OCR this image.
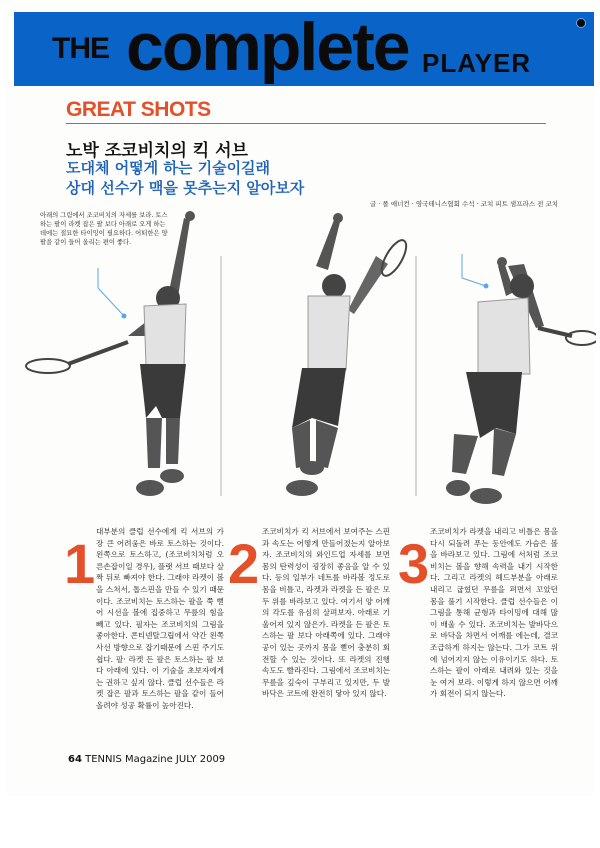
THE complete PLAYER
GREAT SHOTS
노박 조코비치의 킥 서브
도대체 어떻게 하는 기술이길래
상대 선수가 맥을 못추는지 알아보자
글 · 폴 애너컨 · 영국테니스협회 수석 · 코치 피트 샘프라스 전 코치
아래의 그림에서 조코비치의 자세를 보라. 토스하는 팔이 라켓 잡은 팔 보다 아래로 오게 하는 데에는 절묘한 타이밍이 필요하다. 어떠한은 양팔을 같이 들어 올리는 편이 좋다.
1
대부분의 클럽 선수에게 킥 서브의 가장 큰 어려움은 바로 토스하는 것이다. 왼쪽으로 토스하고, (조코비치처럼 오른손잡이일 경우), 플랫 서브 때보다 살짝 뒤로 빠져야 한다. 그래야 라켓이 볼을 스쳐서, 톱스핀을 만들 수 있기 때문이다. 조코비치는 토스하는 팔을 쭉 뻗어 시선을 볼에 집중하고 무릎의 힘을 빼고 있다. 필자는 조코비치의 그림을 좋아한다. 콘티넨탈그립에서 약간 왼쪽 사선 방향으로 잡기때문에 스핀 주기도 쉽다. 팔· 라켓 든 팔은 토스하는 팔 보다 아래에 있다. 이 기술을 초보자에게는 권하고 싶지 않다. 클럽 선수들은 라켓 잡은 팔과 토스하는 팔을 같이 들어 올려야 성공 확률이 높아진다.
2
조코비치가 킥 서브에서 보여주는 스핀과 속도는 어떻게 만들어졌는지 알아보자. 조코비치의 와인드업 자세를 보면 몸의 탄력성이 굉장히 좋음을 알 수 있다. 등의 일부가 네트를 바라볼 정도로 몸을 비틀고, 라켓과 라켓을 든 팔은 모두 위를 바라보고 있다. 여기서 양 어깨의 각도를 유심히 살펴보자. 아래로 기울어져 있지 않은가. 라켓을 든 팔은 토스하는 팔 보다 아래쪽에 있다. 그래야 공이 있는 곳까지 몸을 뻗어 충분히 회전할 수 있는 것이다. 또 라켓의 진행 속도도 빨라진다. 그림에서 조코비치는 무릎을 깊숙이 구부리고 있지만, 두 발바닥은 코트에 완전히 닿아 있지 않다.
3
조코비치가 라켓을 내리고 비틀은 몸을 다시 되돌려 푸는 동안에도 가슴은 볼을 바라보고 있다. 그림에 서처럼 조코비치는 볼을 향해 속력을 내기 시작한다. 그리고 라켓의 헤드부분을 아래로 내리고 굽혔던 무릎을 펴면서 꼬았던 몸을 풀기 시작한다. 클럽 선수들은 이 그림을 통해 균형과 타이밍에 대해 많이 배울 수 있다. 조코비치는 발바닥으로 바닥을 차면서 어깨를 에는데, 결코 조급하게 하지는 않는다. 그가 코트 위에 넘어지지 않는 이유이기도 하다. 토스하는 팔이 아래로 내려와 있는 것을 눈 여겨 보라. 이렇게 하지 않으면 어깨가 회전이 되지 않는다.
64 TENNIS Magazine JULY 2009
